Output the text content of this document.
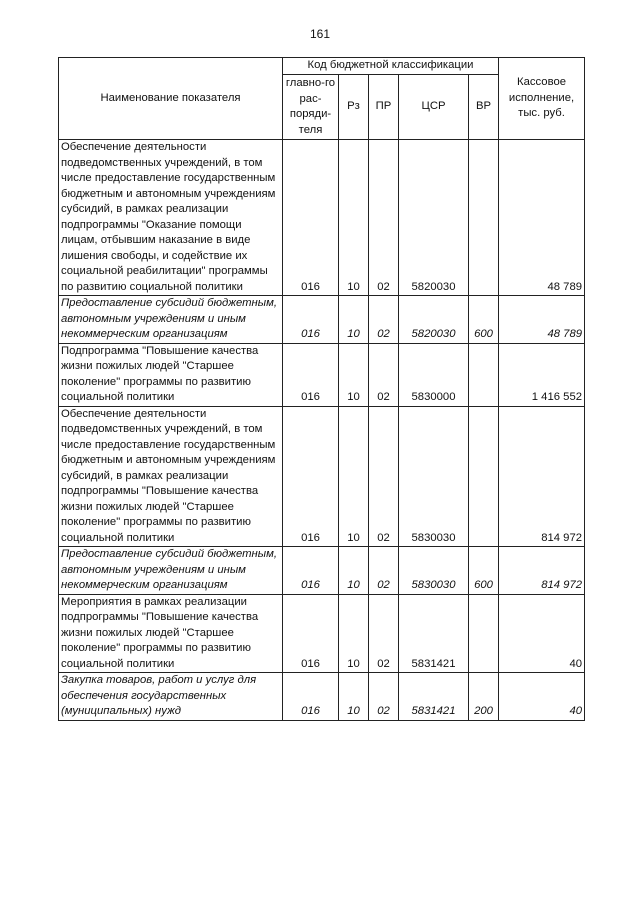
161
Наименование показателя	Код бюджетной классификации					Кассовое исполнение, тыс. руб.
	главно-го рас-поряди-теля	Рз	ПР	ЦСР	ВР	
Обеспечение деятельности подведомственных учреждений, в том числе предоставление государственным бюджетным и автономным учреждениям субсидий, в рамках реализации подпрограммы "Оказание помощи лицам, отбывшим наказание в виде лишения свободы, и содействие их социальной реабилитации" программы по развитию социальной политики	016	10	02	5820030		48 789
Предоставление субсидий бюджетным, автономным учреждениям и иным некоммерческим организациям	016	10	02	5820030	600	48 789
Подпрограмма "Повышение качества жизни пожилых людей "Старшее поколение" программы по развитию социальной политики	016	10	02	5830000		1 416 552
Обеспечение деятельности подведомственных учреждений, в том числе предоставление государственным бюджетным и автономным учреждениям субсидий, в рамках реализации подпрограммы "Повышение качества жизни пожилых людей "Старшее поколение" программы по развитию социальной политики	016	10	02	5830030		814 972
Предоставление субсидий бюджетным, автономным учреждениям и иным некоммерческим организациям	016	10	02	5830030	600	814 972
Мероприятия в рамках реализации подпрограммы "Повышение качества жизни пожилых людей "Старшее поколение" программы по развитию социальной политики	016	10	02	5831421		40
Закупка товаров, работ и услуг для обеспечения государственных (муниципальных) нужд	016	10	02	5831421	200	40
